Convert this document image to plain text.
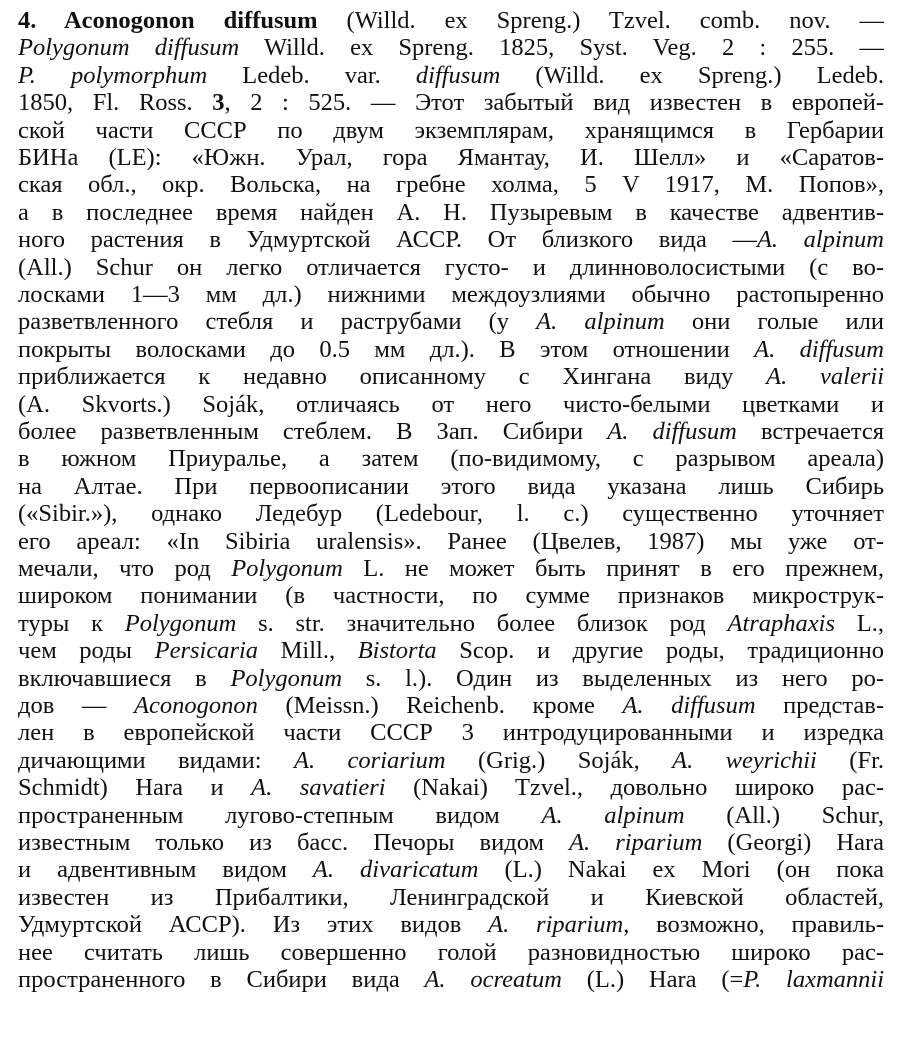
4. Aconogonon diffusum (Willd. ex Spreng.) Tzvel. comb. nov. —
Polygonum diffusum Willd. ex Spreng. 1825, Syst. Veg. 2 : 255. —
P. polymorphum Ledeb. var. diffusum (Willd. ex Spreng.) Ledeb.
1850, Fl. Ross. 3, 2 : 525. — Этот забытый вид известен в европей-
ской части СССР по двум экземплярам, хранящимся в Гербарии
БИНа (LE): «Южн. Урал, гора Ямантау, И. Шелл» и «Саратов-
ская обл., окр. Вольска, на гребне холма, 5 V 1917, М. Попов»,
а в последнее время найден А. Н. Пузыревым в качестве адвентив-
ного растения в Удмуртской АССР. От близкого вида —A. alpinum
(All.) Schur он легко отличается густо- и длинноволосистыми (с во-
лосками 1—3 мм дл.) нижними междоузлиями обычно растопыренно
разветвленного стебля и раструбами (у A. alpinum они голые или
покрыты волосками до 0.5 мм дл.). В этом отношении A. diffusum
приближается к недавно описанному с Хингана виду A. valerii
(A. Skvorts.) Soják, отличаясь от него чисто-белыми цветками и
более разветвленным стеблем. В Зап. Сибири A. diffusum встречается
в южном Приуралье, а затем (по-видимому, с разрывом ареала)
на Алтае. При первоописании этого вида указана лишь Сибирь
(«Sibir.»), однако Ледебур (Ledebour, l. c.) существенно уточняет
его ареал: «In Sibiria uralensis». Ранее (Цвелев, 1987) мы уже от-
мечали, что род Polygonum L. не может быть принят в его прежнем,
широком понимании (в частности, по сумме признаков микрострук-
туры к Polygonum s. str. значительно более близок род Atraphaxis L.,
чем роды Persicaria Mill., Bistorta Scop. и другие роды, традиционно
включавшиеся в Polygonum s. l.). Один из выделенных из него ро-
дов — Aconogonon (Meissn.) Reichenb. кроме A. diffusum представ-
лен в европейской части СССР 3 интродуцированными и изредка
дичающими видами: A. coriarium (Grig.) Soják, A. weyrichii (Fr.
Schmidt) Hara и A. savatieri (Nakai) Tzvel., довольно широко рас-
пространенным лугово-степным видом A. alpinum (All.) Schur,
известным только из басс. Печоры видом A. riparium (Georgi) Hara
и адвентивным видом A. divaricatum (L.) Nakai ex Mori (он пока
известен из Прибалтики, Ленинградской и Киевской областей,
Удмуртской АССР). Из этих видов A. riparium, возможно, правиль-
нее считать лишь совершенно голой разновидностью широко рас-
пространенного в Сибири вида A. ocreatum (L.) Hara (=P. laxmannii
